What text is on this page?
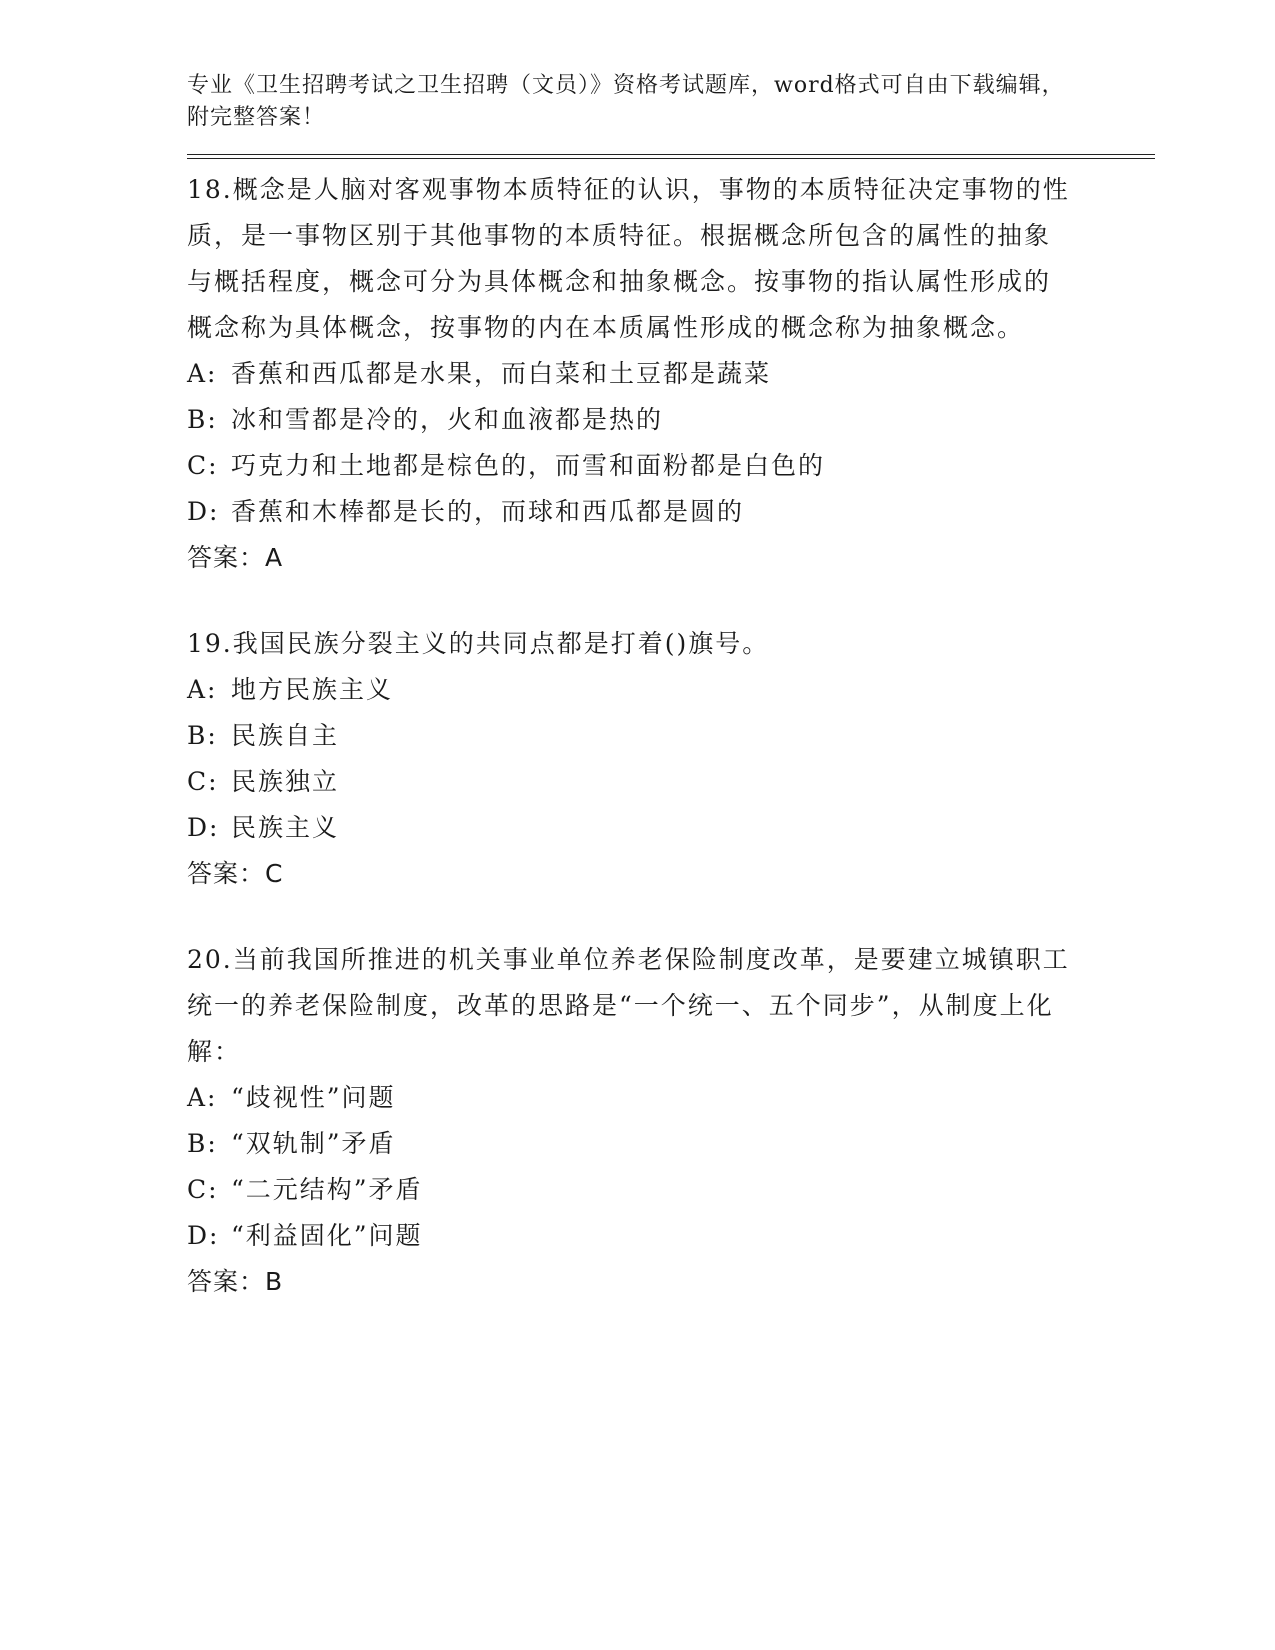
专业《卫生招聘考试之卫生招聘（文员）》资格考试题库，word格式可自由下载编辑，附完整答案！
18.概念是人脑对客观事物本质特征的认识，事物的本质特征决定事物的性质，是一事物区别于其他事物的本质特征。根据概念所包含的属性的抽象与概括程度，概念可分为具体概念和抽象概念。按事物的指认属性形成的概念称为具体概念，按事物的内在本质属性形成的概念称为抽象概念。
A: 香蕉和西瓜都是水果，而白菜和土豆都是蔬菜
B: 冰和雪都是冷的，火和血液都是热的
C: 巧克力和土地都是棕色的，而雪和面粉都是白色的
D: 香蕉和木棒都是长的，而球和西瓜都是圆的
答案：A
19.我国民族分裂主义的共同点都是打着()旗号。
A: 地方民族主义
B: 民族自主
C: 民族独立
D: 民族主义
答案：C
20.当前我国所推进的机关事业单位养老保险制度改革，是要建立城镇职工统一的养老保险制度，改革的思路是“一个统一、五个同步”，从制度上化解：
A: “歧视性”问题
B: “双轨制”矛盾
C: “二元结构”矛盾
D: “利益固化”问题
答案：B
